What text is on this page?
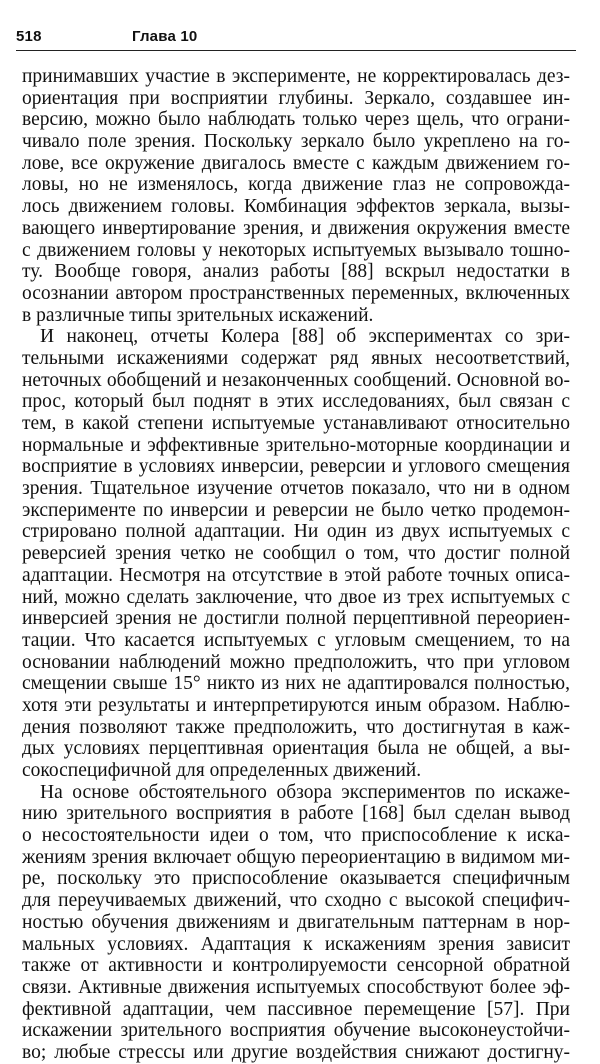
518	Глава 10
принимавших участие в эксперименте, не корректировалась дез-
ориентация при восприятии глубины. Зеркало, создавшее ин-
версию, можно было наблюдать только через щель, что ограни-
чивало поле зрения. Поскольку зеркало было укреплено на го-
лове, все окружение двигалось вместе с каждым движением го-
ловы, но не изменялось, когда движение глаз не сопровожда-
лось движением головы. Комбинация эффектов зеркала, вызы-
вающего инвертирование зрения, и движения окружения вместе
с движением головы у некоторых испытуемых вызывало тошно-
ту. Вообще говоря, анализ работы [88] вскрыл недостатки в
осознании автором пространственных переменных, включенных
в различные типы зрительных искажений.
И наконец, отчеты Колера [88] об экспериментах со зри-
тельными искажениями содержат ряд явных несоответствий,
неточных обобщений и незаконченных сообщений. Основной во-
прос, который был поднят в этих исследованиях, был связан с
тем, в какой степени испытуемые устанавливают относительно
нормальные и эффективные зрительно-моторные координации и
восприятие в условиях инверсии, реверсии и углового смещения
зрения. Тщательное изучение отчетов показало, что ни в одном
эксперименте по инверсии и реверсии не было четко продемон-
стрировано полной адаптации. Ни один из двух испытуемых с
реверсией зрения четко не сообщил о том, что достиг полной
адаптации. Несмотря на отсутствие в этой работе точных описа-
ний, можно сделать заключение, что двое из трех испытуемых с
инверсией зрения не достигли полной перцептивной переориен-
тации. Что касается испытуемых с угловым смещением, то на
основании наблюдений можно предположить, что при угловом
смещении свыше 15° никто из них не адаптировался полностью,
хотя эти результаты и интерпретируются иным образом. Наблю-
дения позволяют также предположить, что достигнутая в каж-
дых условиях перцептивная ориентация была не общей, а вы-
сокоспецифичной для определенных движений.
На основе обстоятельного обзора экспериментов по искаже-
нию зрительного восприятия в работе [168] был сделан вывод
о несостоятельности идеи о том, что приспособление к иска-
жениям зрения включает общую переориентацию в видимом ми-
ре, поскольку это приспособление оказывается специфичным
для переучиваемых движений, что сходно с высокой специфич-
ностью обучения движениям и двигательным паттернам в нор-
мальных условиях. Адаптация к искажениям зрения зависит
также от активности и контролируемости сенсорной обратной
связи. Активные движения испытуемых способствуют более эф-
фективной адаптации, чем пассивное перемещение [57]. При
искажении зрительного восприятия обучение высоконеустойчи-
во; любые стрессы или другие воздействия снижают достигну-
